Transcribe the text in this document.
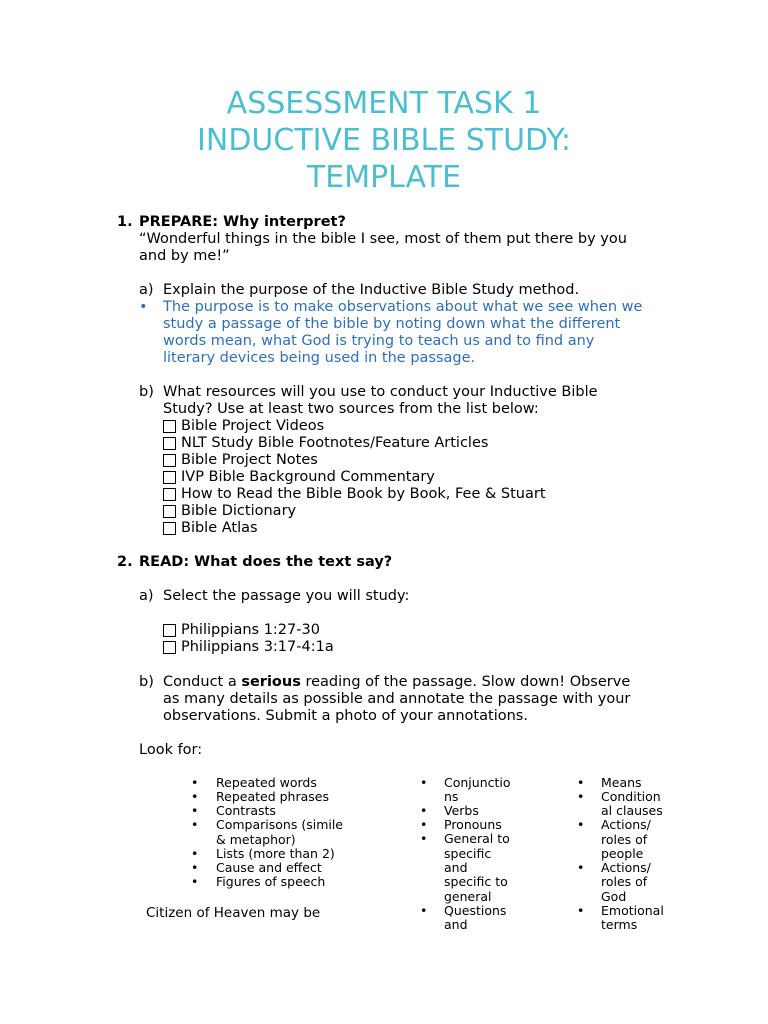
ASSESSMENT TASK 1

INDUCTIVE BIBLE STUDY:

TEMPLATE

1. PREPARE: Why interpret?

“Wonderful things in the bible I see, most of them put there by you

and by me!”

a) Explain the purpose of the Inductive Bible Study method.

• The purpose is to make observations about what we see when we

study a passage of the bible by noting down what the different

words mean, what God is trying to teach us and to find any

literary devices being used in the passage.

b) What resources will you use to conduct your Inductive Bible

Study? Use at least two sources from the list below:

Bible Project Videos
NLT Study Bible Footnotes/Feature Articles
Bible Project Notes
IVP Bible Background Commentary
How to Read the Bible Book by Book, Fee & Stuart
Bible Dictionary
Bible Atlas

2. READ: What does the text say?

a) Select the passage you will study:

Philippians 1:27-30
Philippians 3:17-4:1a

b) Conduct a serious reading of the passage. Slow down! Observe

as many details as possible and annotate the passage with your

observations. Submit a photo of your annotations.

Look for:

• Repeated words

• Repeated phrases

• Contrasts

• Comparisons (simile

& metaphor)

• Lists (more than 2)

• Cause and effect

• Figures of speech

• Conjunctio

ns

• Verbs

• Pronouns

• General to

specific

and

specific to

general

• Questions

and

• Means

• Condition

al clauses

• Actions/

roles of

people

• Actions/

roles of

God

• Emotional

terms

Citizen of Heaven may be
